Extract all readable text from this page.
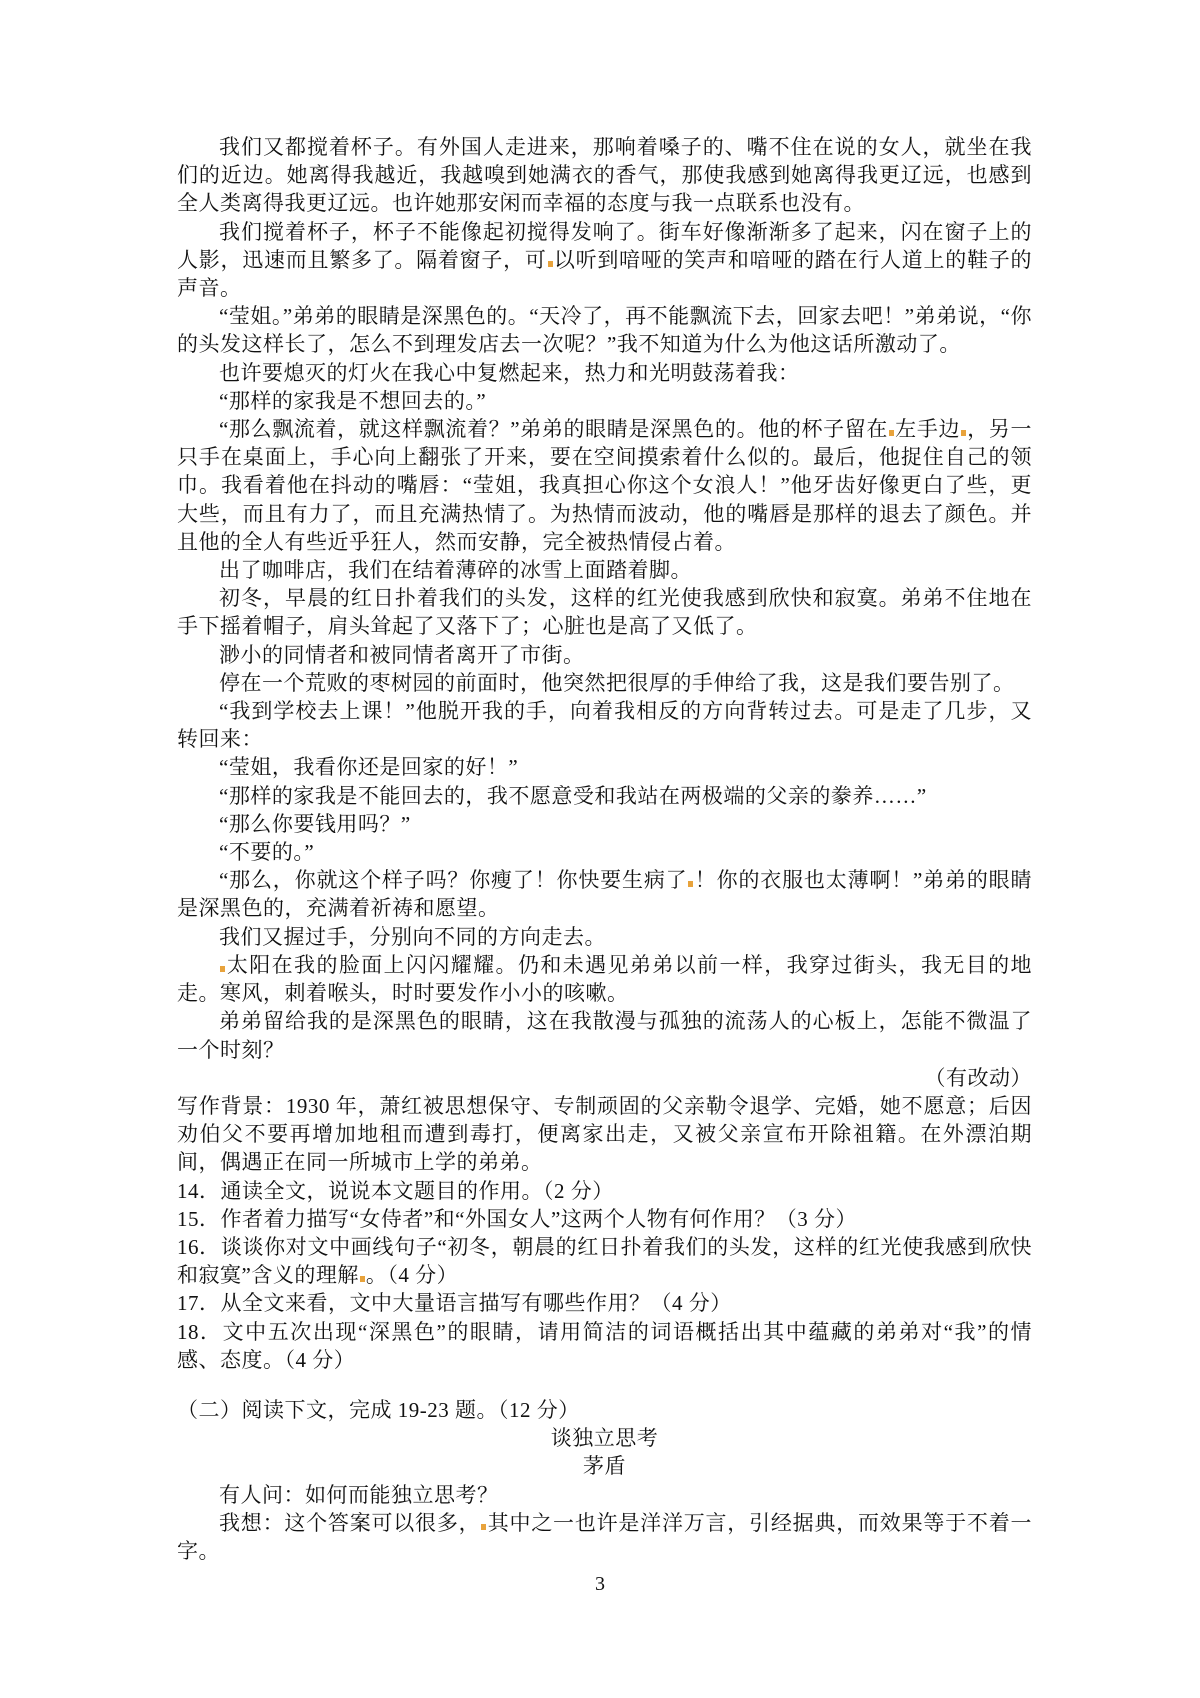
我们又都搅着杯子。有外国人走进来，那响着嗓子的、嘴不住在说的女人，就坐在我们的近边。她离得我越近，我越嗅到她满衣的香气，那使我感到她离得我更辽远，也感到全人类离得我更辽远。也许她那安闲而幸福的态度与我一点联系也没有。

我们搅着杯子，杯子不能像起初搅得发响了。街车好像渐渐多了起来，闪在窗子上的人影，迅速而且繁多了。隔着窗子，可 以听到喑哑的笑声和喑哑的踏在行人道上的鞋子的声音。

“莹姐。”弟弟的眼睛是深黑色的。“天冷了，再不能飘流下去，回家去吧！”弟弟说，“你的头发这样长了，怎么不到理发店去一次呢？”我不知道为什么为他这话所激动了。

也许要熄灭的灯火在我心中复燃起来，热力和光明鼓荡着我：

“那样的家我是不想回去的。”

“那么飘流着，就这样飘流着？”弟弟的眼睛是深黑色的。他的杯子留在 左手边 ，另一只手在桌面上，手心向上翻张了开来，要在空间摸索着什么似的。最后，他捉住自己的领巾。我看着他在抖动的嘴唇：“莹姐，我真担心你这个女浪人！”他牙齿好像更白了些，更大些，而且有力了，而且充满热情了。为热情而波动，他的嘴唇是那样的退去了颜色。并且他的全人有些近乎狂人，然而安静，完全被热情侵占着。

出了咖啡店，我们在结着薄碎的冰雪上面踏着脚。

初冬，早晨的红日扑着我们的头发，这样的红光使我感到欣快和寂寞。弟弟不住地在手下摇着帽子，肩头耸起了又落下了；心脏也是高了又低了。

渺小的同情者和被同情者离开了市街。

停在一个荒败的枣树园的前面时，他突然把很厚的手伸给了我，这是我们要告别了。

“我到学校去上课！”他脱开我的手，向着我相反的方向背转过去。可是走了几步，又转回来：

“莹姐，我看你还是回家的好！”

“那样的家我是不能回去的，我不愿意受和我站在两极端的父亲的豢养……”

“那么你要钱用吗？”

“不要的。”

“那么，你就这个样子吗？你瘦了！你快要生病了 ！你的衣服也太薄啊！”弟弟的眼睛是深黑色的，充满着祈祷和愿望。

我们又握过手，分别向不同的方向走去。

太阳在我的脸面上闪闪耀耀。仍和未遇见弟弟以前一样，我穿过街头，我无目的地走。寒风，刺着喉头，时时要发作小小的咳嗽。

弟弟留给我的是深黑色的眼睛，这在我散漫与孤独的流荡人的心板上，怎能不微温了一个时刻？

（有改动）

写作背景：1930 年，萧红被思想保守、专制顽固的父亲勒令退学、完婚，她不愿意；后因劝伯父不要再增加地租而遭到毒打，便离家出走，又被父亲宣布开除祖籍。在外漂泊期间，偶遇正在同一所城市上学的弟弟。

14．通读全文，说说本文题目的作用。（2 分）

15．作者着力描写“女侍者”和“外国女人”这两个人物有何作用？（3 分）

16．谈谈你对文中画线句子“初冬，朝晨的红日扑着我们的头发，这样的红光使我感到欣快和寂寞”含义的理解 。（4 分）

17．从全文来看，文中大量语言描写有哪些作用？（4 分）

18．文中五次出现“深黑色”的眼睛，请用简洁的词语概括出其中蕴藏的弟弟对“我”的情感、态度。（4 分）

（二）阅读下文，完成 19-23 题。（12 分）

谈独立思考

茅盾

有人问：如何而能独立思考？

我想：这个答案可以很多， 其中之一也许是洋洋万言，引经据典，而效果等于不着一字。

3
